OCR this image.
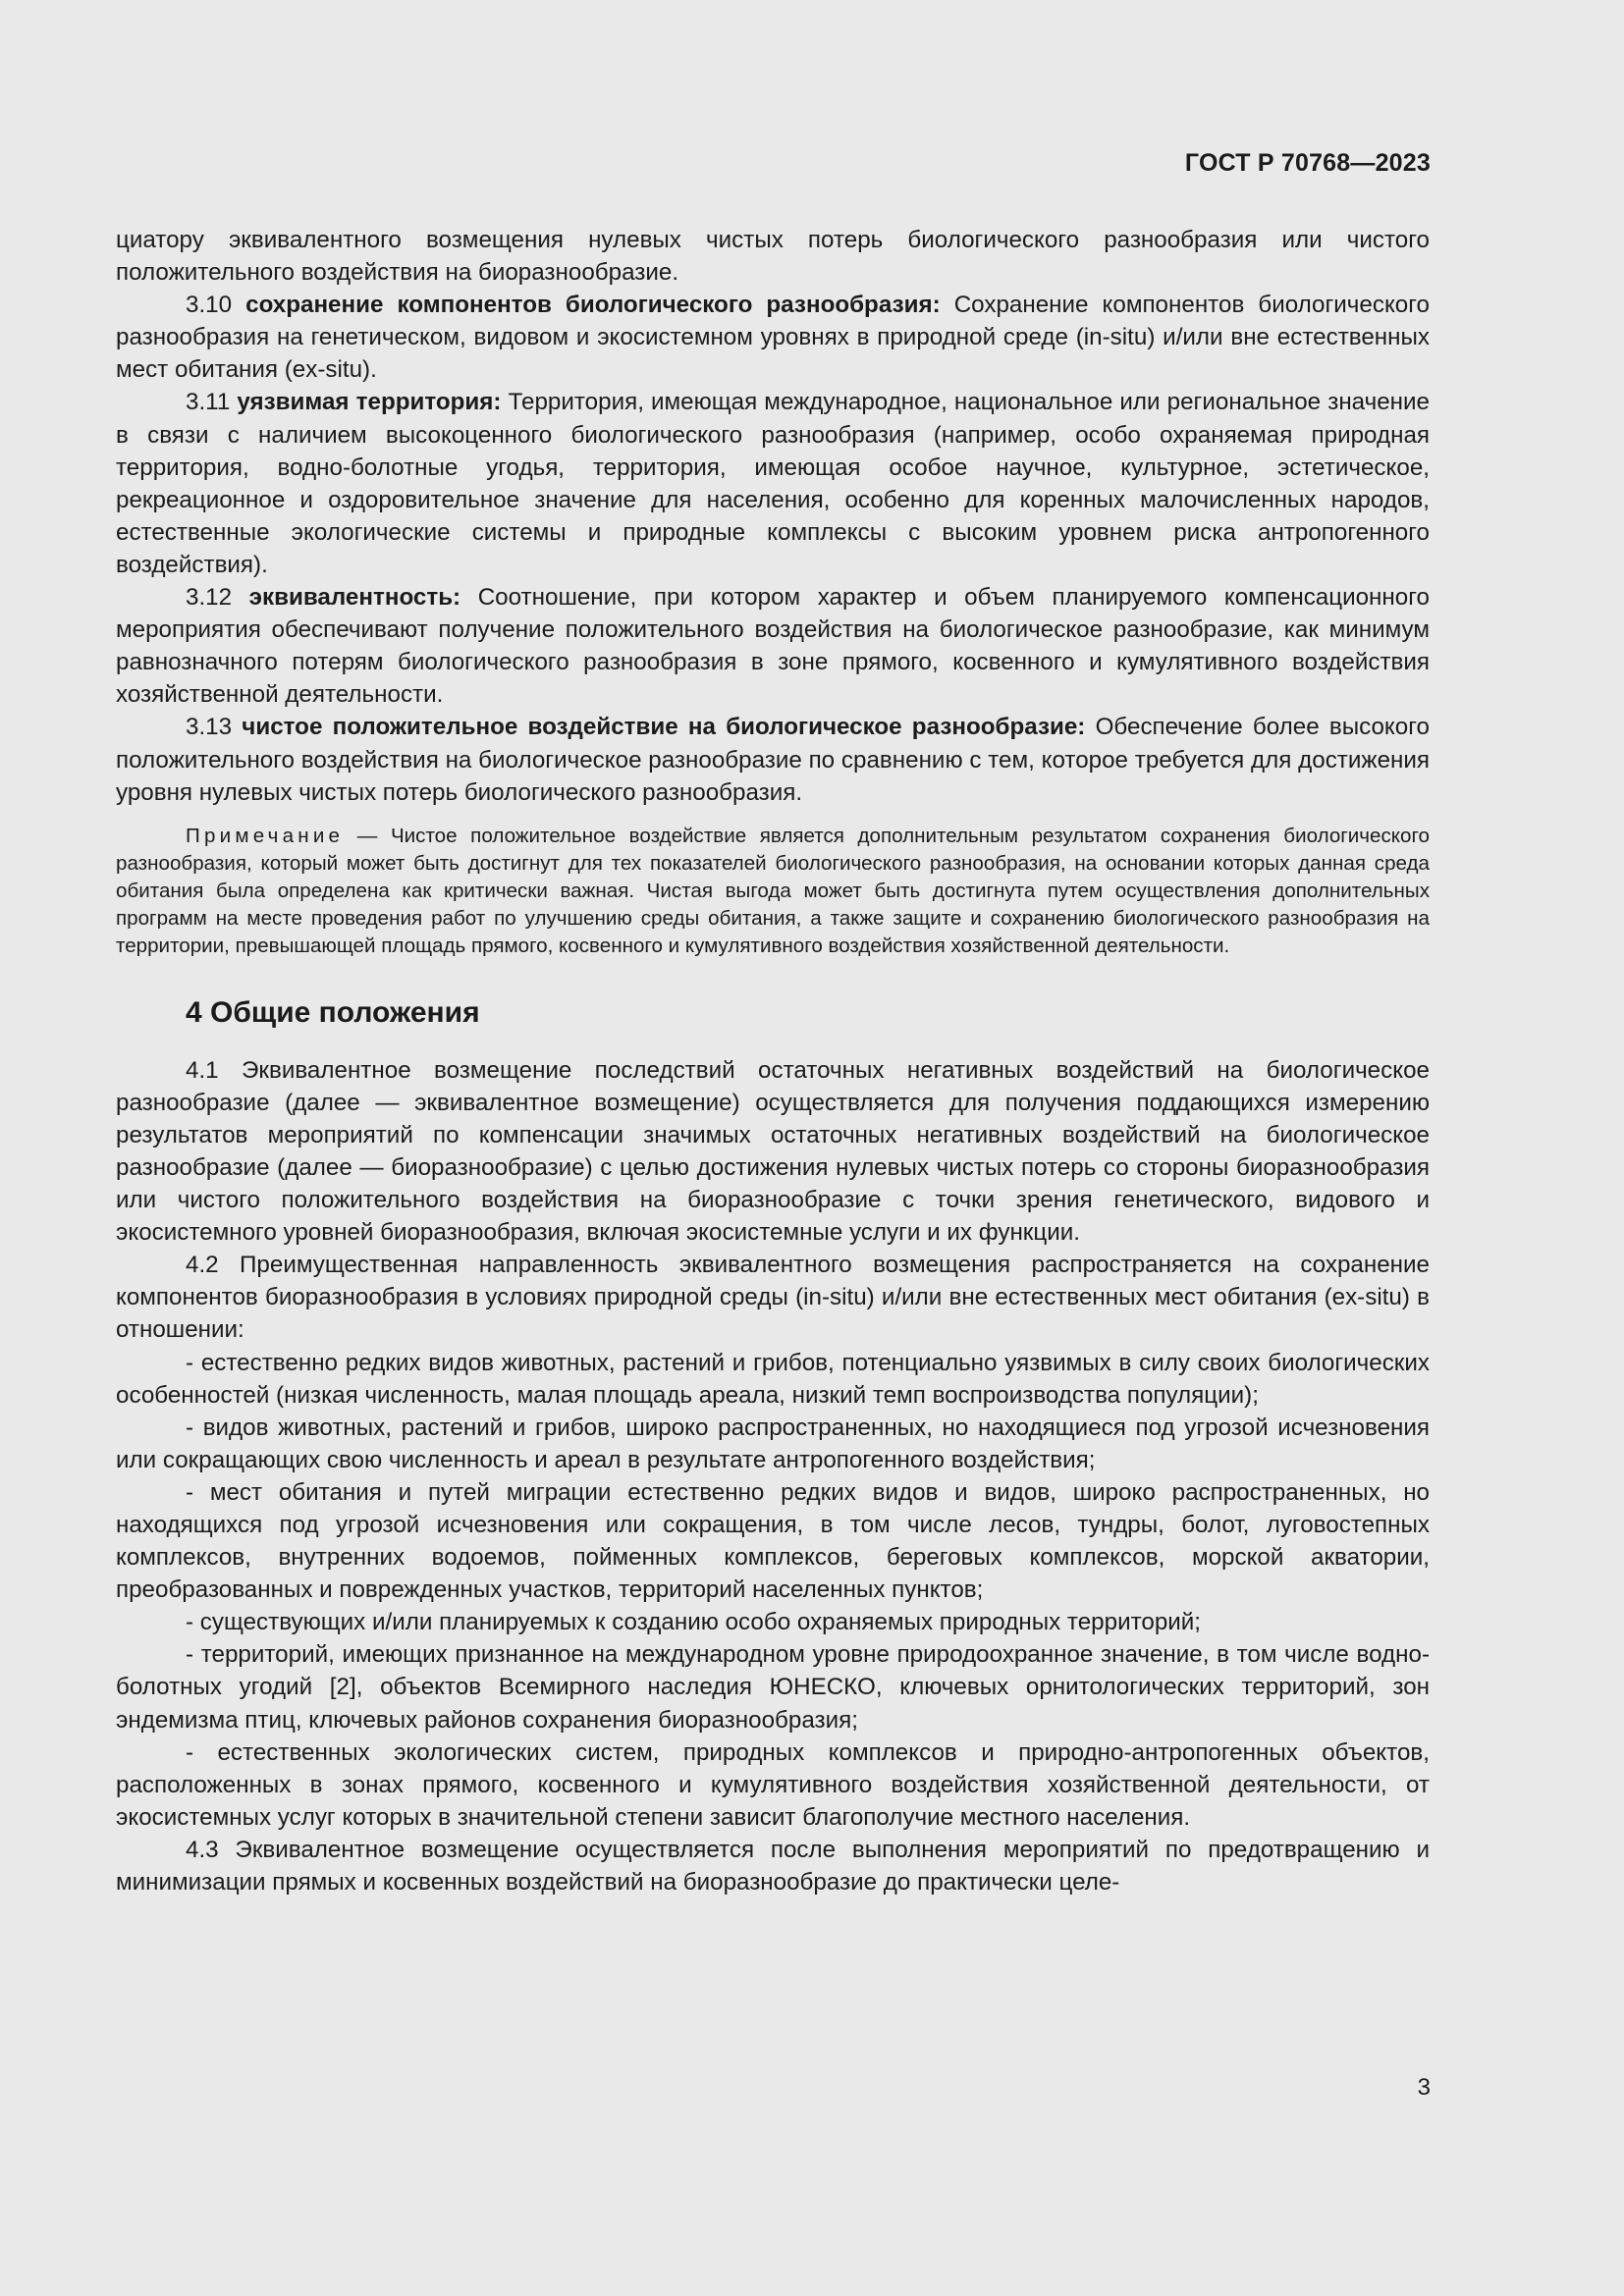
ГОСТ Р 70768—2023

циатору эквивалентного возмещения нулевых чистых потерь биологического разнообразия или чистого положительного воздействия на биоразнообразие.

3.10 сохранение компонентов биологического разнообразия: Сохранение компонентов биологического разнообразия на генетическом, видовом и экосистемном уровнях в природной среде (in-situ) и/или вне естественных мест обитания (ex-situ).

3.11 уязвимая территория: Территория, имеющая международное, национальное или региональное значение в связи с наличием высокоценного биологического разнообразия (например, особо охраняемая природная территория, водно-болотные угодья, территория, имеющая особое научное, культурное, эстетическое, рекреационное и оздоровительное значение для населения, особенно для коренных малочисленных народов, естественные экологические системы и природные комплексы с высоким уровнем риска антропогенного воздействия).

3.12 эквивалентность: Соотношение, при котором характер и объем планируемого компенсационного мероприятия обеспечивают получение положительного воздействия на биологическое разнообразие, как минимум равнозначного потерям биологического разнообразия в зоне прямого, косвенного и кумулятивного воздействия хозяйственной деятельности.

3.13 чистое положительное воздействие на биологическое разнообразие: Обеспечение более высокого положительного воздействия на биологическое разнообразие по сравнению с тем, которое требуется для достижения уровня нулевых чистых потерь биологического разнообразия.

Примечание — Чистое положительное воздействие является дополнительным результатом сохранения биологического разнообразия, который может быть достигнут для тех показателей биологического разнообразия, на основании которых данная среда обитания была определена как критически важная. Чистая выгода может быть достигнута путем осуществления дополнительных программ на месте проведения работ по улучшению среды обитания, а также защите и сохранению биологического разнообразия на территории, превышающей площадь прямого, косвенного и кумулятивного воздействия хозяйственной деятельности.

4 Общие положения

4.1 Эквивалентное возмещение последствий остаточных негативных воздействий на биологическое разнообразие (далее — эквивалентное возмещение) осуществляется для получения поддающихся измерению результатов мероприятий по компенсации значимых остаточных негативных воздействий на биологическое разнообразие (далее — биоразнообразие) с целью достижения нулевых чистых потерь со стороны биоразнообразия или чистого положительного воздействия на биоразнообразие с точки зрения генетического, видового и экосистемного уровней биоразнообразия, включая экосистемные услуги и их функции.

4.2 Преимущественная направленность эквивалентного возмещения распространяется на сохранение компонентов биоразнообразия в условиях природной среды (in-situ) и/или вне естественных мест обитания (ex-situ) в отношении:

- естественно редких видов животных, растений и грибов, потенциально уязвимых в силу своих биологических особенностей (низкая численность, малая площадь ареала, низкий темп воспроизводства популяции);

- видов животных, растений и грибов, широко распространенных, но находящиеся под угрозой исчезновения или сокращающих свою численность и ареал в результате антропогенного воздействия;

- мест обитания и путей миграции естественно редких видов и видов, широко распространенных, но находящихся под угрозой исчезновения или сокращения, в том числе лесов, тундры, болот, луговостепных комплексов, внутренних водоемов, пойменных комплексов, береговых комплексов, морской акватории, преобразованных и поврежденных участков, территорий населенных пунктов;

- существующих и/или планируемых к созданию особо охраняемых природных территорий;

- территорий, имеющих признанное на международном уровне природоохранное значение, в том числе водно-болотных угодий [2], объектов Всемирного наследия ЮНЕСКО, ключевых орнитологических территорий, зон эндемизма птиц, ключевых районов сохранения биоразнообразия;

- естественных экологических систем, природных комплексов и природно-антропогенных объектов, расположенных в зонах прямого, косвенного и кумулятивного воздействия хозяйственной деятельности, от экосистемных услуг которых в значительной степени зависит благополучие местного населения.

4.3 Эквивалентное возмещение осуществляется после выполнения мероприятий по предотвращению и минимизации прямых и косвенных воздействий на биоразнообразие до практически целе-

3
